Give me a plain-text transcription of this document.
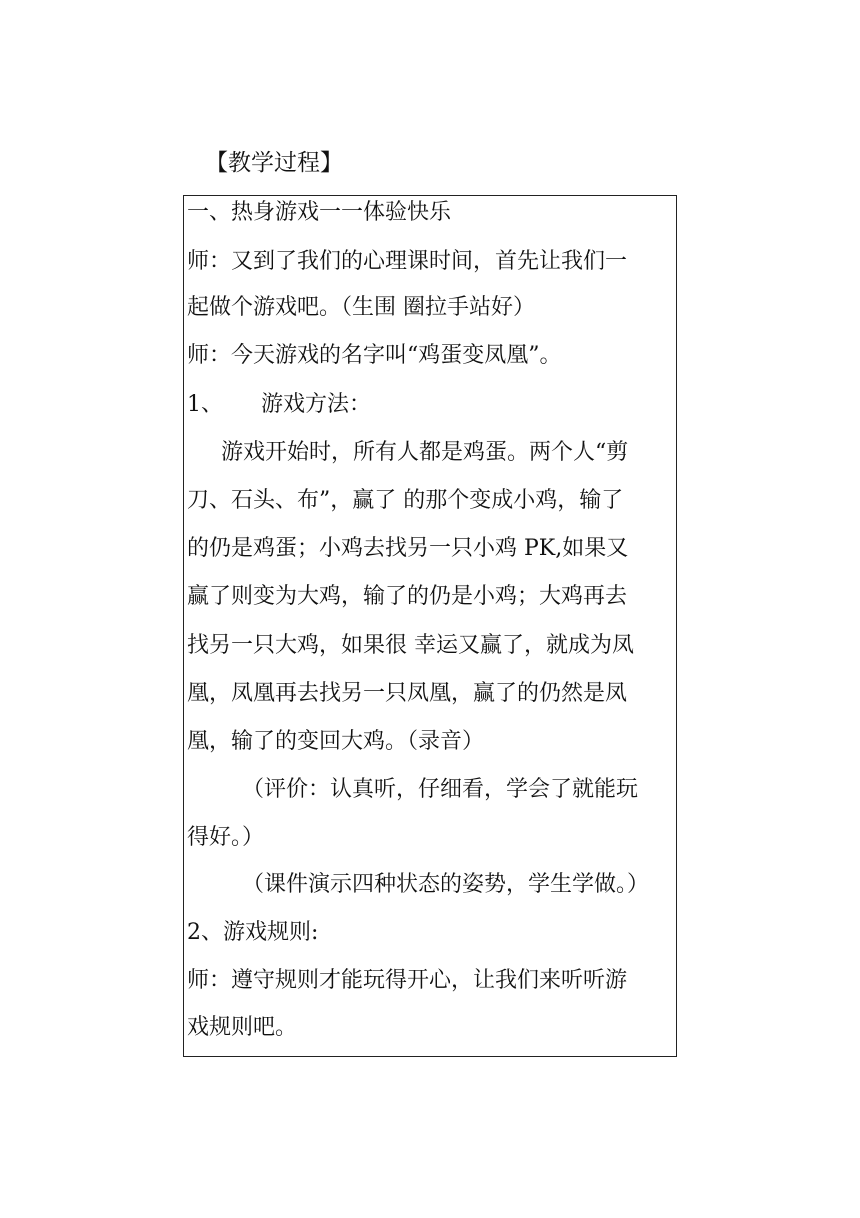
【教学过程】
一、热身游戏一一体验快乐
师：又到了我们的心理课时间，首先让我们一
起做个游戏吧。（生围 圈拉手站好）
师：今天游戏的名字叫“鸡蛋变凤凰”。
1、 游戏方法：
游戏开始时，所有人都是鸡蛋。两个人“剪
刀、石头、布”，赢了 的那个变成小鸡，输了
的仍是鸡蛋；小鸡去找另一只小鸡 PK,如果又
赢了则变为大鸡，输了的仍是小鸡；大鸡再去
找另一只大鸡，如果很 幸运又赢了，就成为凤
凰，凤凰再去找另一只凤凰，赢了的仍然是凤
凰，输了的变回大鸡。（录音）
（评价：认真听，仔细看，学会了就能玩
得好。）
（课件演示四种状态的姿势，学生学做。）
2、游戏规则:
师：遵守规则才能玩得开心，让我们来听听游
戏规则吧。
